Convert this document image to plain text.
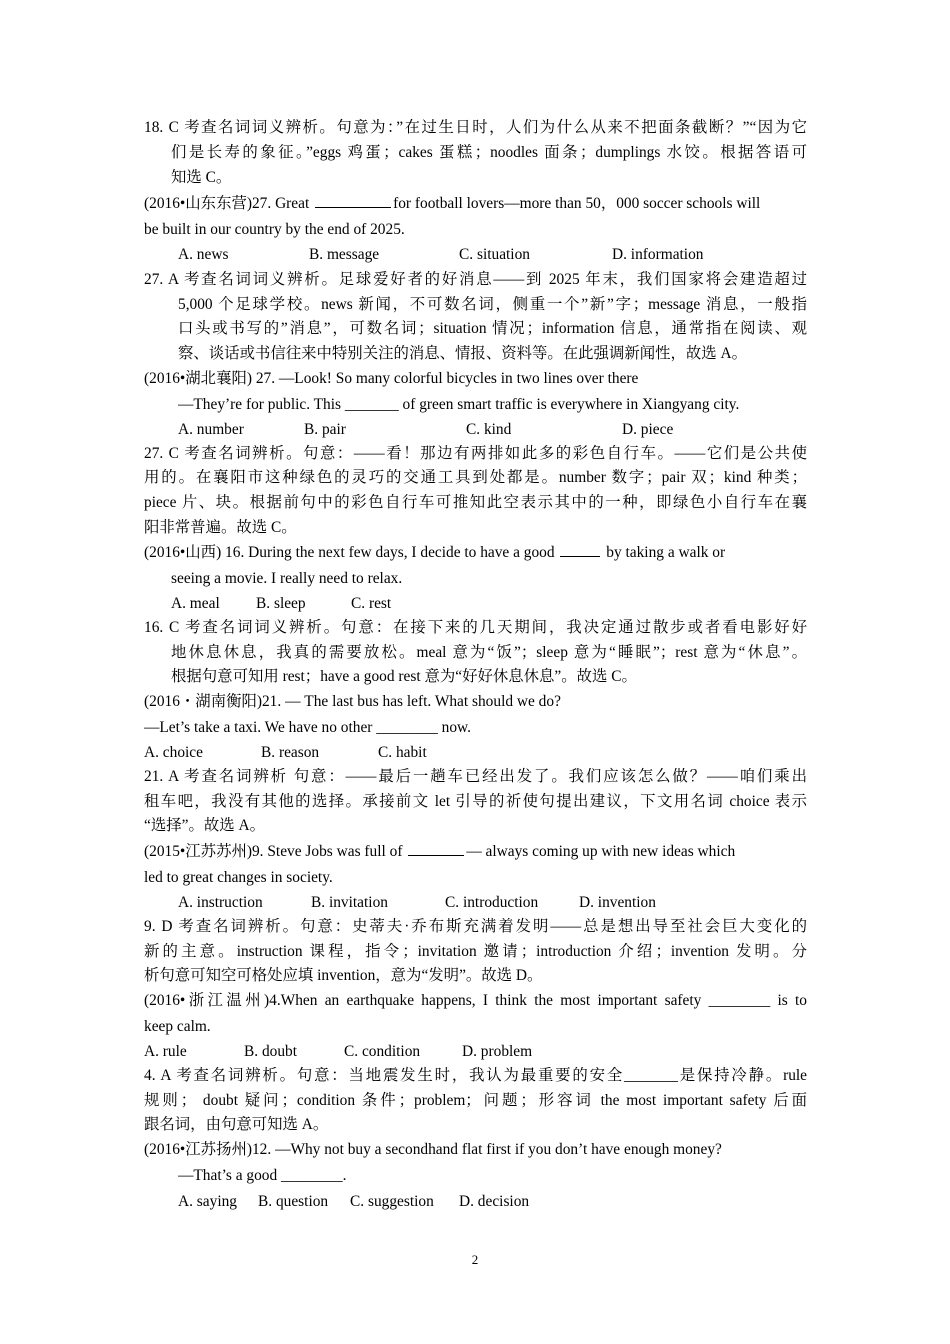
18. C 考查名词词义辨析。句意为：”在过生日时，人们为什么从来不把面条截断？”“因为它
们是长寿的象征。”eggs 鸡蛋；cakes 蛋糕；noodles 面条；dumplings 水饺。根据答语可
知选 C。
(2016•山东东营)27. Great	for football lovers—more than 50，000 soccer schools will
be built in our country by the end of 2025.
A. news	B. message	C. situation	D. information
27. A 考查名词词义辨析。足球爱好者的好消息——到 2025 年末，我们国家将会建造超过
5,000 个足球学校。news 新闻，不可数名词，侧重一个”新”字；message 消息，一般指
口头或书写的”消息”，可数名词；situation 情况；information 信息，通常指在阅读、观
察、谈话或书信往来中特别关注的消息、情报、资料等。在此强调新闻性，故选 A。
(2016•湖北襄阳) 27. —Look! So many colorful bicycles in two lines over there
—They’re for public. This _______ of green smart traffic is everywhere in Xiangyang city.
A. number	B. pair	C. kind	D. piece
27. C 考查名词辨析。句意：——看！那边有两排如此多的彩色自行车。——它们是公共使
用的。在襄阳市这种绿色的灵巧的交通工具到处都是。number 数字；pair 双；kind 种类；
piece 片、块。根据前句中的彩色自行车可推知此空表示其中的一种，即绿色小自行车在襄
阳非常普遍。故选 C。
(2016•山西) 16. During the next few days, I decide to have a good	by taking a walk or
seeing a movie. I really need to relax.
A. meal B. sleep	C. rest
16. C 考查名词词义辨析。句意：在接下来的几天期间，我决定通过散步或者看电影好好
地休息休息，我真的需要放松。meal 意为“饭”；sleep 意为“睡眠”；rest 意为“休息”。
根据句意可知用 rest；have a good rest 意为“好好休息休息”。故选 C。
(2016・湖南衡阳)21. — The last bus has left. What should we do?
—Let’s take a taxi. We have no other ________ now.
A. choice	B. reason	C. habit
21. A 考查名词辨析 句意：——最后一趟车已经出发了。我们应该怎么做？——咱们乘出
租车吧，我没有其他的选择。承接前文 let 引导的祈使句提出建议，下文用名词 choice 表示
“选择”。故选 A。
(2015•江苏苏州)9. Steve Jobs was full of	— always coming up with new ideas which
led to great changes in society.
A. instruction	B. invitation	C. introduction	D. invention
9. D 考查名词辨析。句意：史蒂夫·乔布斯充满着发明——总是想出导至社会巨大变化的
新的主意。instruction 课程，指令；invitation 邀请；introduction 介绍；invention 发明。分
析句意可知空可格处应填 invention，意为“发明”。故选 D。
(2016•浙江温州)4.When an earthquake happens, I think the most important safety ________ is to
keep calm.
A. rule	B. doubt	C. condition	D. problem
4. A 考查名词辨析。句意：当地震发生时，我认为最重要的安全_______是保持冷静。rule
规则； doubt 疑问；condition 条件；problem；问题；形容词 the most important safety 后面
跟名词，由句意可知选 A。
(2016•江苏扬州)12. —Why not buy a secondhand flat first if you don’t have enough money?
—That’s a good ________.
A. saying B. question C. suggestion D. decision
2
